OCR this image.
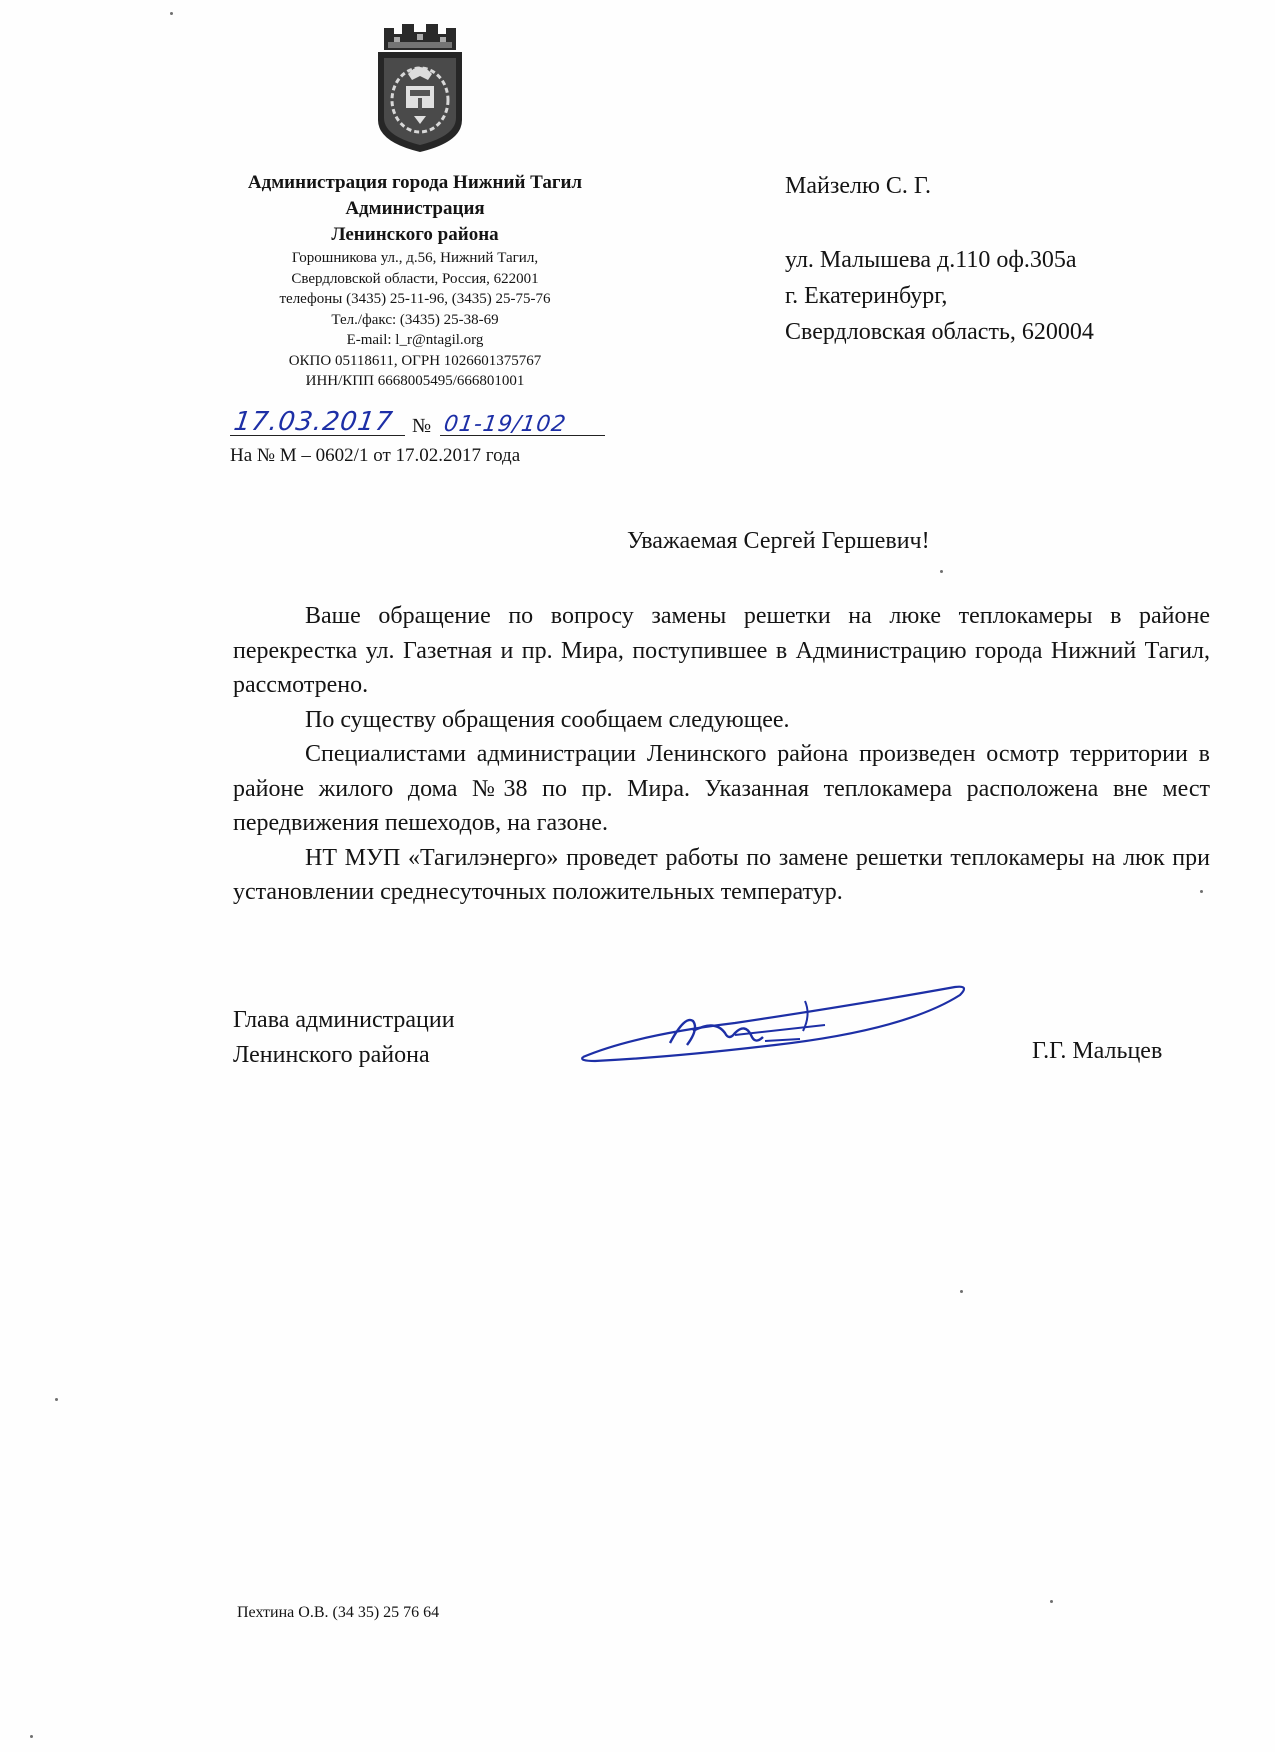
Администрация города Нижний Тагил
Администрация
Ленинского района
Горошникова ул., д.56, Нижний Тагил,
Свердловской области, Россия, 622001
телефоны (3435) 25-11-96, (3435) 25-75-76
Тел./факс: (3435) 25-38-69
E-mail: l_r@ntagil.org
ОКПО 05118611, ОГРН 1026601375767
ИНН/КПП 6668005495/666801001
17.03.2017 № 01-19/102
На № М – 0602/1 от 17.02.2017 года
Майзелю С. Г.
ул. Малышева д.110 оф.305а
г. Екатеринбург,
Свердловская область, 620004
Уважаемая Сергей Гершевич!

Ваше обращение по вопросу замены решетки на люке теплокамеры в районе перекрестка ул. Газетная и пр. Мира, поступившее в Администрацию города Нижний Тагил, рассмотрено.

По существу обращения сообщаем следующее.

Специалистами администрации Ленинского района произведен осмотр территории в районе жилого дома №38 по пр. Мира. Указанная теплокамера расположена вне мест передвижения пешеходов, на газоне.

НТ МУП «Тагилэнерго» проведет работы по замене решетки теплокамеры на люк при установлении среднесуточных положительных температур.

Глава администрации
Ленинского района	Г.Г. Мальцев
Пехтина О.В. (34 35) 25 76 64
